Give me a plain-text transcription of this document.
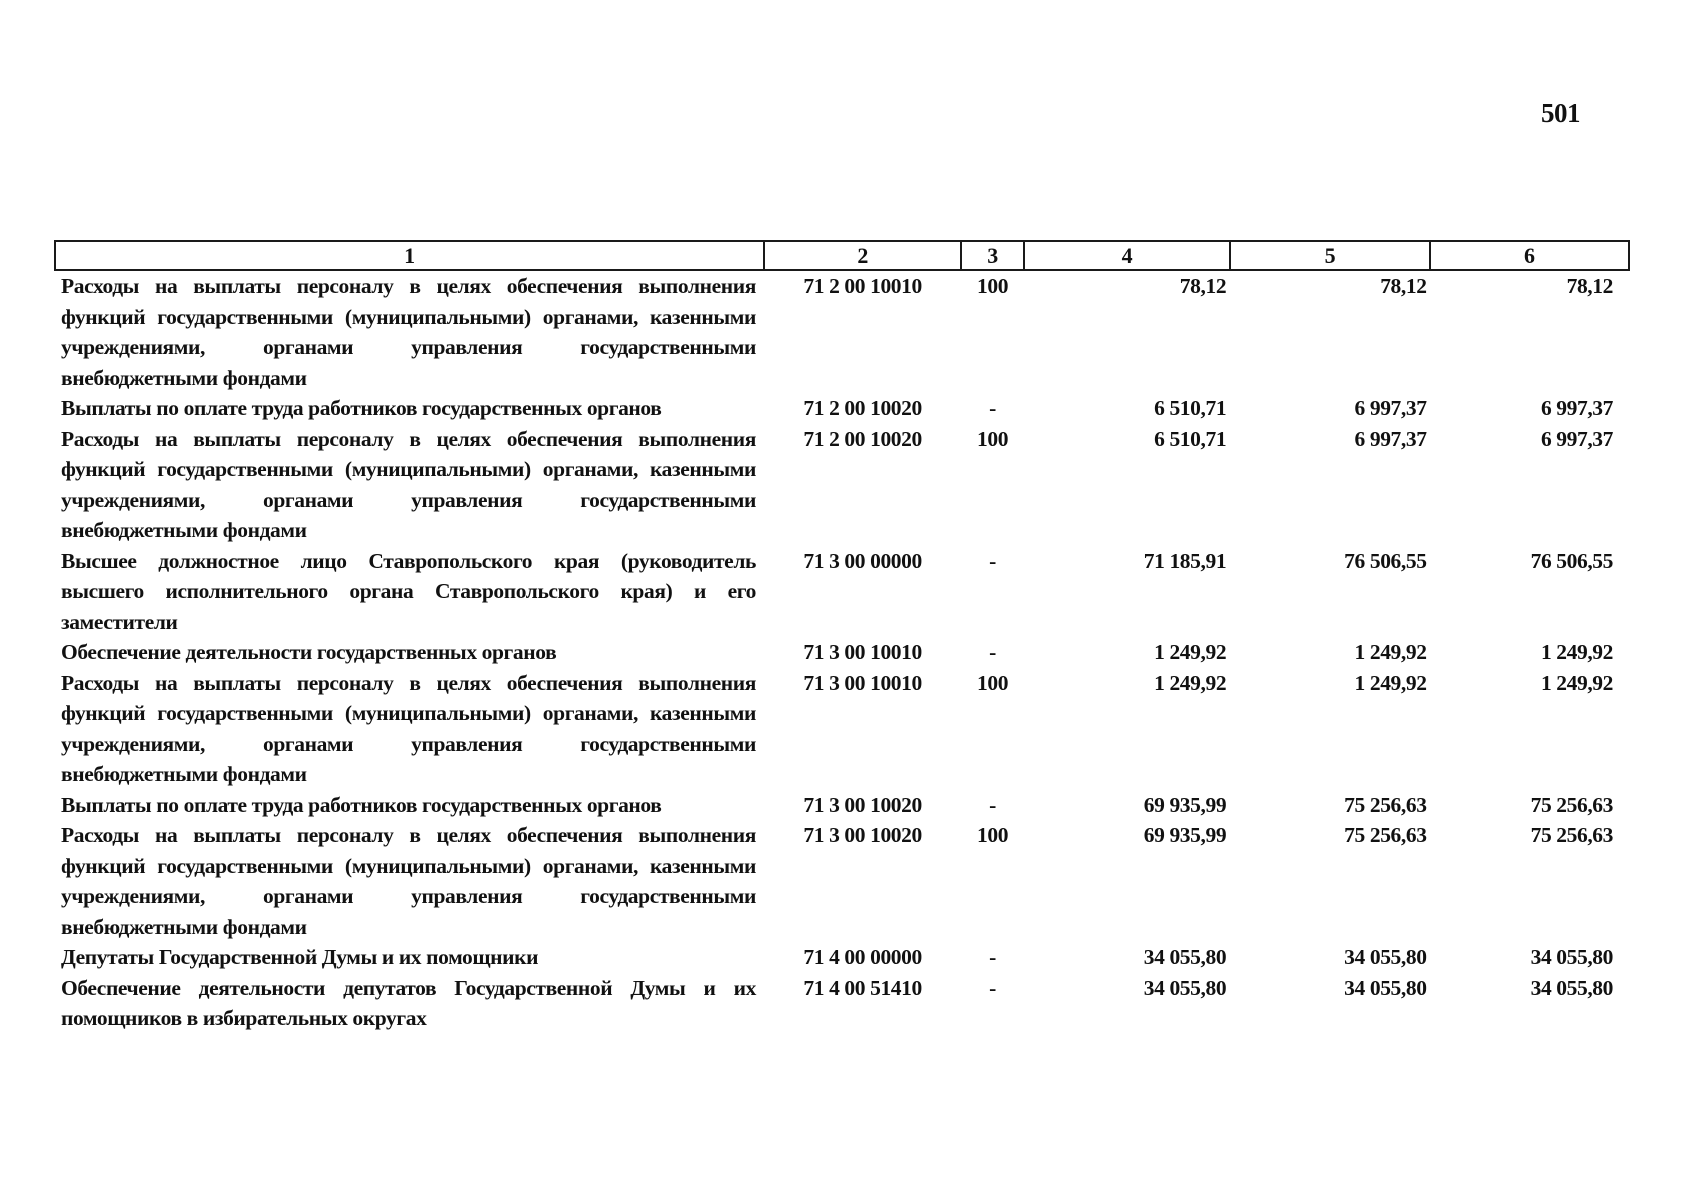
501
1	2	3	4	5	6
Расходы на выплаты персоналу в целях обеспечения выполнения функций государственными (муниципальными) органами, казенными учреждениями, органами управления государственными внебюджетными фондами	71 2 00 10010	100	78,12	78,12	78,12
Выплаты по оплате труда работников государственных органов	71 2 00 10020	-	6 510,71	6 997,37	6 997,37
Расходы на выплаты персоналу в целях обеспечения выполнения функций государственными (муниципальными) органами, казенными учреждениями, органами управления государственными внебюджетными фондами	71 2 00 10020	100	6 510,71	6 997,37	6 997,37
Высшее должностное лицо Ставропольского края (руководитель высшего исполнительного органа Ставропольского края) и его заместители	71 3 00 00000	-	71 185,91	76 506,55	76 506,55
Обеспечение деятельности государственных органов	71 3 00 10010	-	1 249,92	1 249,92	1 249,92
Расходы на выплаты персоналу в целях обеспечения выполнения функций государственными (муниципальными) органами, казенными учреждениями, органами управления государственными внебюджетными фондами	71 3 00 10010	100	1 249,92	1 249,92	1 249,92
Выплаты по оплате труда работников государственных органов	71 3 00 10020	-	69 935,99	75 256,63	75 256,63
Расходы на выплаты персоналу в целях обеспечения выполнения функций государственными (муниципальными) органами, казенными учреждениями, органами управления государственными внебюджетными фондами	71 3 00 10020	100	69 935,99	75 256,63	75 256,63
Депутаты Государственной Думы и их помощники	71 4 00 00000	-	34 055,80	34 055,80	34 055,80
Обеспечение деятельности депутатов Государственной Думы и их помощников в избирательных округах	71 4 00 51410	-	34 055,80	34 055,80	34 055,80
